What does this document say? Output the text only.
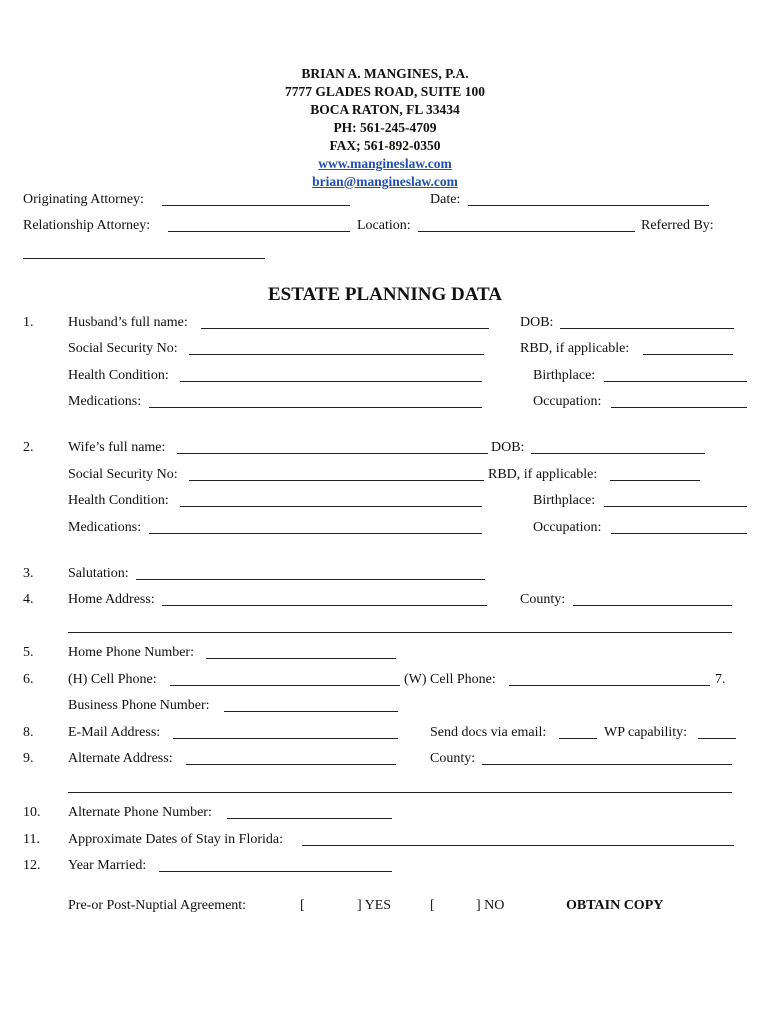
BRIAN A. MANGINES, P.A.
7777 GLADES ROAD, SUITE 100
BOCA RATON, FL 33434
PH: 561-245-4709
FAX; 561-892-0350
www.mangineslaw.com
brian@mangineslaw.com
Originating Attorney:	Date:
Relationship Attorney:	Location:	Referred By:
ESTATE PLANNING DATA
1. Husband’s full name:	DOB:
Social Security No:	RBD, if applicable:
Health Condition:	Birthplace:
Medications:	Occupation:
2. Wife’s full name:	DOB:
Social Security No:	RBD, if applicable:
Health Condition:	Birthplace:
Medications:	Occupation:
3. Salutation:
4. Home Address:	County:
5. Home Phone Number:
6. (H) Cell Phone:	(W) Cell Phone:	7.
Business Phone Number:
8. E-Mail Address:	Send docs via email:	WP capability:
9. Alternate Address:	County:
10. Alternate Phone Number:
11. Approximate Dates of Stay in Florida:
12. Year Married:
Pre-or Post-Nuptial Agreement:	[	] YES	[	] NO	OBTAIN COPY
